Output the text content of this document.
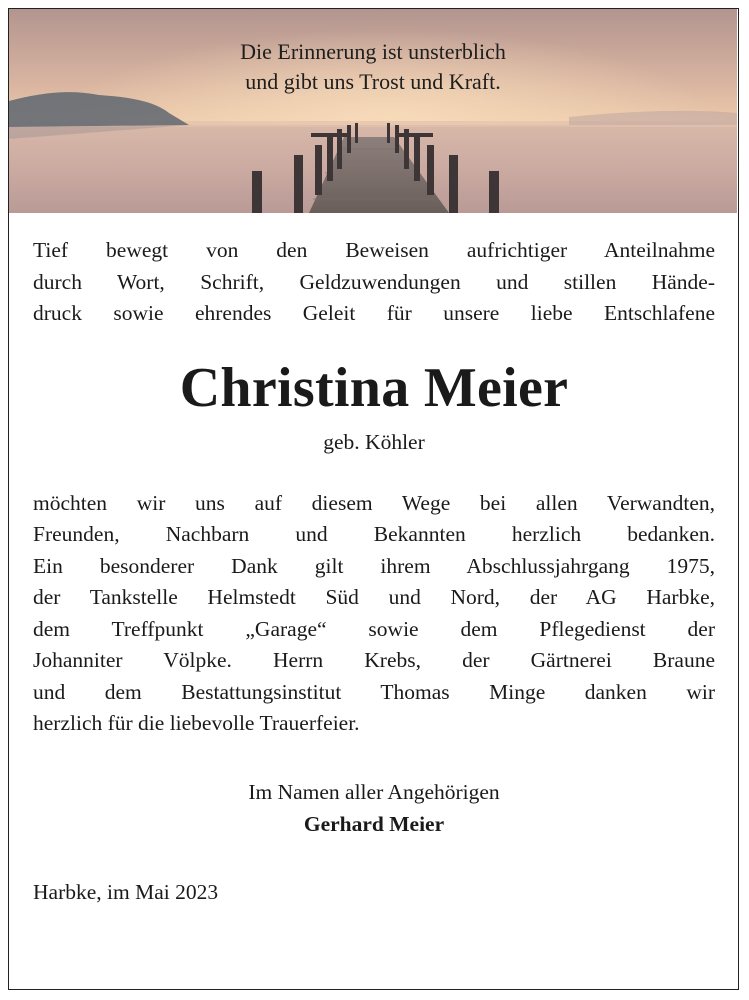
Die Erinnerung ist unsterblich
und gibt uns Trost und Kraft.

Tief bewegt von den Beweisen aufrichtiger Anteilnahme
durch Wort, Schrift, Geldzuwendungen und stillen Hände-
druck sowie ehrendes Geleit für unsere liebe Entschlafene

Christina Meier
geb. Köhler

möchten wir uns auf diesem Wege bei allen Verwandten,
Freunden, Nachbarn und Bekannten herzlich bedanken.
Ein besonderer Dank gilt ihrem Abschlussjahrgang 1975,
der Tankstelle Helmstedt Süd und Nord, der AG Harbke,
dem Treffpunkt „Garage“ sowie dem Pflegedienst der
Johanniter Völpke. Herrn Krebs, der Gärtnerei Braune
und dem Bestattungsinstitut Thomas Minge danken wir
herzlich für die liebevolle Trauerfeier.

Im Namen aller Angehörigen
Gerhard Meier
Harbke, im Mai 2023
